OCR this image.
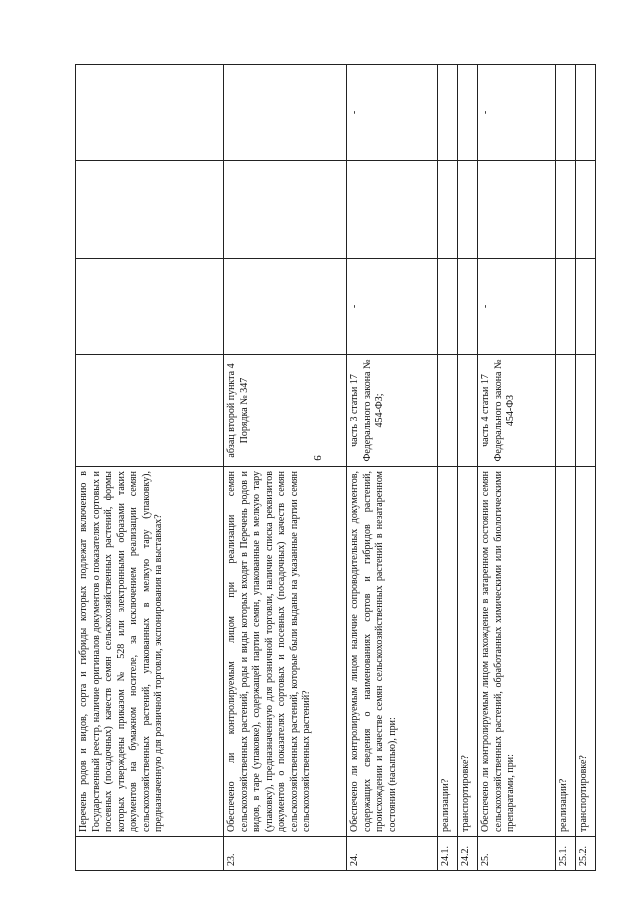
9
	Перечень родов и видов, сорта и гибриды которых подлежат включению в Государственный реестр, наличие оригиналов документов о показателях сортовых и посевных (посадочных) качеств семян сельскохозяйственных растений, формы которых утверждены приказом № 528 или электронными образами таких документов на бумажном носителе, за исключением реализации семян сельскохозяйственных растений, упакованных в мелкую тару (упаковку), предназначенную для розничной торговли, экспонирования на выставках?				
23.	Обеспечено ли контролируемым лицом при реализации семян сельскохозяйственных растений, роды и виды которых входят в Перечень родов и видов, в таре (упаковке), содержащей партии семян, упакованные в мелкую тару (упаковку), предназначенную для розничной торговли, наличие списка реквизитов документов о показателях сортовых и посевных (посадочных) качеств семян сельскохозяйственных растений, которые были выданы на указанные партии семян сельскохозяйственных растений?	абзац второй пункта 4 Порядка № 347			
24.	Обеспечено ли контролируемым лицом наличие сопроводительных документов, содержащих сведения о наименованиях сортов и гибридов растений, происхождении и качестве семян сельскохозяйственных растений в незатаренном состоянии (насыпью), при:	часть 3 статьи 17 Федерального закона № 454-ФЗ;	-		-
24.1.	реализации?				
24.2.	транспортировке?				
25.	Обеспечено ли контролируемым лицом нахождение в затаренном состоянии семян сельскохозяйственных растений, обработанных химическими или биологическими препаратами, при:	часть 4 статьи 17 Федерального закона № 454-ФЗ	-		-
25.1.	реализации?				
25.2.	транспортировке?				
